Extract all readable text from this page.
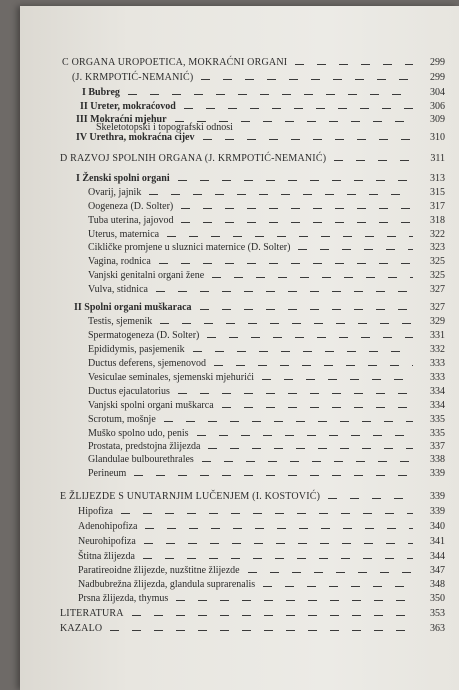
C ORGANA UROPOETICA, MOKRAĆNI ORGANI	299
(J. KRMPOTIĆ-NEMANIĆ)	299
I Bubreg	304
II Ureter, mokraćovod	306
III Mokraćni mjehur	309
Skeletotopski i topografski odnosi
IV Urethra, mokraćna cijev	310
D RAZVOJ SPOLNIH ORGANA (J. KRMPOTIĆ-NEMANIĆ)	311
I Ženski spolni organi	313
Ovarij, jajnik	315
Oogeneza (D. Solter)	317
Tuba uterina, jajovod	318
Uterus, maternica	322
Cikličke promjene u sluznici maternice (D. Solter)	323
Vagina, rodnica	325
Vanjski genitalni organi žene	325
Vulva, stidnica	327
II Spolni organi muškaraca	327
Testis, sjemenik	329
Spermatogeneza (D. Solter)	331
Epididymis, pasjemenik	332
Ductus deferens, sjemenovod	333
Vesiculae seminales, sjemenski mjehurići	333
Ductus ejaculatorius	334
Vanjski spolni organi muškarca	334
Scrotum, mošnje	335
Muško spolno udo, penis	335
Prostata, predstojna žlijezda	337
Glandulae bulbourethrales	338
Perineum	339
E ŽLIJEZDE S UNUTARNJIM LUČENJEM (I. KOSTOVIĆ)	339
Hipofiza	339
Adenohipofiza	340
Neurohipofiza	341
Štitna žlijezda	344
Paratireoidne žlijezde, nuzštitne žlijezde	347
Nadbubrežna žlijezda, glandula suprarenalis	348
Prsna žlijezda, thymus	350
LITERATURA	353
KAZALO	363
